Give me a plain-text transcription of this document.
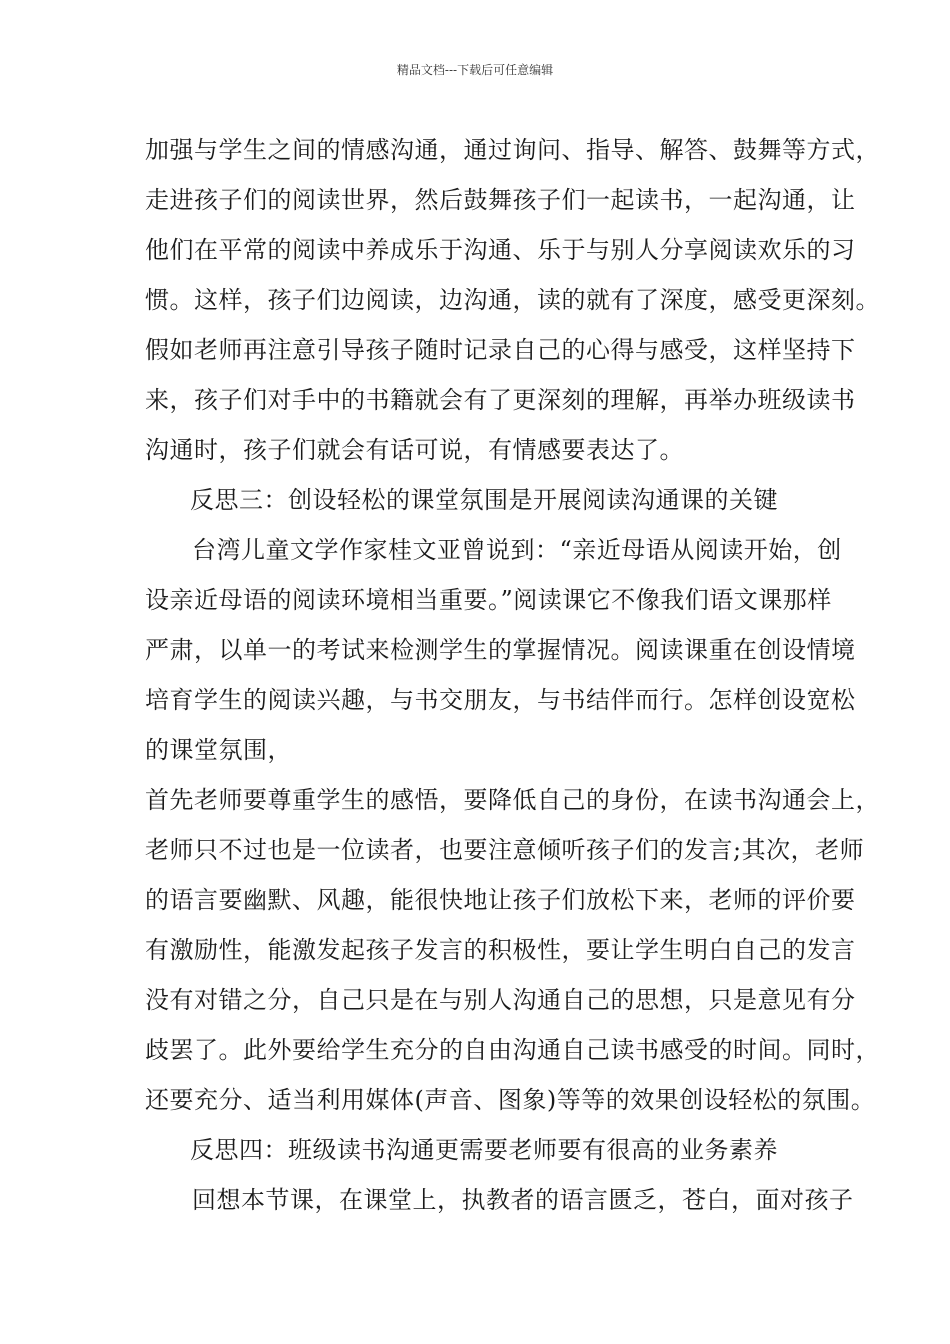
精品文档---下载后可任意编辑
加强与学生之间的情感沟通，通过询问、指导、解答、鼓舞等方式，
走进孩子们的阅读世界，然后鼓舞孩子们一起读书，一起沟通，让
他们在平常的阅读中养成乐于沟通、乐于与别人分享阅读欢乐的习
惯。这样，孩子们边阅读，边沟通，读的就有了深度，感受更深刻。
假如老师再注意引导孩子随时记录自己的心得与感受，这样坚持下
来，孩子们对手中的书籍就会有了更深刻的理解，再举办班级读书
沟通时，孩子们就会有话可说，有情感要表达了。
反思三：创设轻松的课堂氛围是开展阅读沟通课的关键
台湾儿童文学作家桂文亚曾说到：“亲近母语从阅读开始，创
设亲近母语的阅读环境相当重要。”阅读课它不像我们语文课那样
严肃，以单一的考试来检测学生的掌握情况。阅读课重在创设情境
培育学生的阅读兴趣，与书交朋友，与书结伴而行。怎样创设宽松
的课堂氛围，
首先老师要尊重学生的感悟，要降低自己的身份，在读书沟通会上，
老师只不过也是一位读者，也要注意倾听孩子们的发言;其次，老师
的语言要幽默、风趣，能很快地让孩子们放松下来，老师的评价要
有激励性，能激发起孩子发言的积极性，要让学生明白自己的发言
没有对错之分，自己只是在与别人沟通自己的思想，只是意见有分
歧罢了。此外要给学生充分的自由沟通自己读书感受的时间。同时，
还要充分、适当利用媒体(声音、图象)等等的效果创设轻松的氛围。
反思四：班级读书沟通更需要老师要有很高的业务素养
回想本节课，在课堂上，执教者的语言匮乏，苍白，面对孩子
